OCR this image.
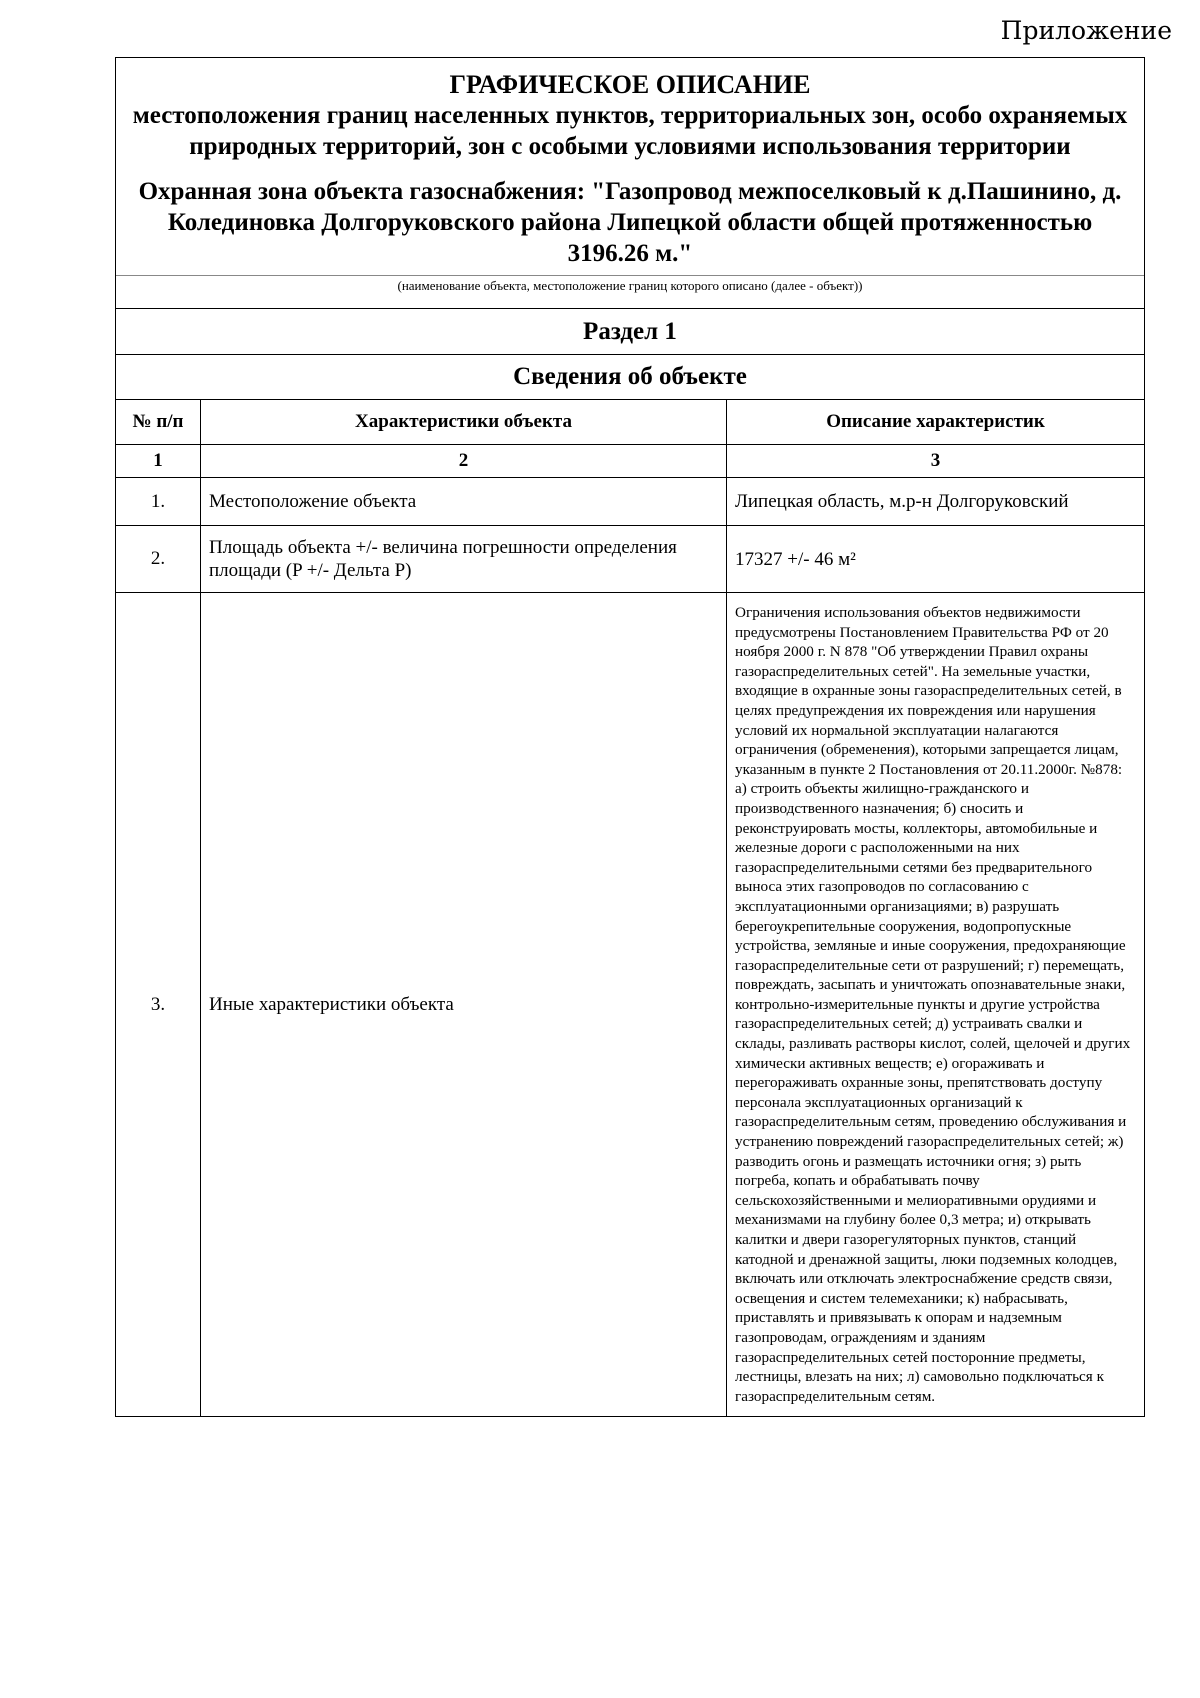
Приложение
ГРАФИЧЕСКОЕ ОПИСАНИЕ
местоположения границ населенных пунктов, территориальных зон, особо охраняемых природных территорий, зон с особыми условиями использования территории
Охранная зона объекта газоснабжения: "Газопровод межпоселковый к д.Пашинино, д. Колединовка Долгоруковского района Липецкой области общей протяженностью 3196.26 м."		

(наименование объекта, местоположение границ которого описано (далее - объект))		
Раздел 1		
Сведения об объекте		
№ п/п	Характеристики объекта	Описание характеристик
1	2	3
1.	Местоположение объекта	Липецкая область, м.р-н Долгоруковский
2.	Площадь объекта +/- величина погрешности определения площади (P +/- Дельта P)	17327 +/- 46 м²
3.	Иные характеристики объекта	Ограничения использования объектов недвижимости предусмотрены Постановлением Правительства РФ от 20 ноября 2000 г. N 878 "Об утверждении Правил охраны газораспределительных сетей". На земельные участки, входящие в охранные зоны газораспределительных сетей, в целях предупреждения их повреждения или нарушения условий их нормальной эксплуатации налагаются ограничения (обременения), которыми запрещается лицам, указанным в пункте 2 Постановления от 20.11.2000г. №878: а) строить объекты жилищно-гражданского и производственного назначения; б) сносить и реконструировать мосты, коллекторы, автомобильные и железные дороги с расположенными на них газораспределительными сетями без предварительного выноса этих газопроводов по согласованию с эксплуатационными организациями; в) разрушать берегоукрепительные сооружения, водопропускные устройства, земляные и иные сооружения, предохраняющие газораспределительные сети от разрушений; г) перемещать, повреждать, засыпать и уничтожать опознавательные знаки, контрольно-измерительные пункты и другие устройства газораспределительных сетей; д) устраивать свалки и склады, разливать растворы кислот, солей, щелочей и других химически активных веществ; е) огораживать и перегораживать охранные зоны, препятствовать доступу персонала эксплуатационных организаций к газораспределительным сетям, проведению обслуживания и устранению повреждений газораспределительных сетей; ж) разводить огонь и размещать источники огня; з) рыть погреба, копать и обрабатывать почву сельскохозяйственными и мелиоративными орудиями и механизмами на глубину более 0,3 метра; и) открывать калитки и двери газорегуляторных пунктов, станций катодной и дренажной защиты, люки подземных колодцев, включать или отключать электроснабжение средств связи, освещения и систем телемеханики; к) набрасывать, приставлять и привязывать к опорам и надземным газопроводам, ограждениям и зданиям газораспределительных сетей посторонние предметы, лестницы, влезать на них; л) самовольно подключаться к газораспределительным сетям.
